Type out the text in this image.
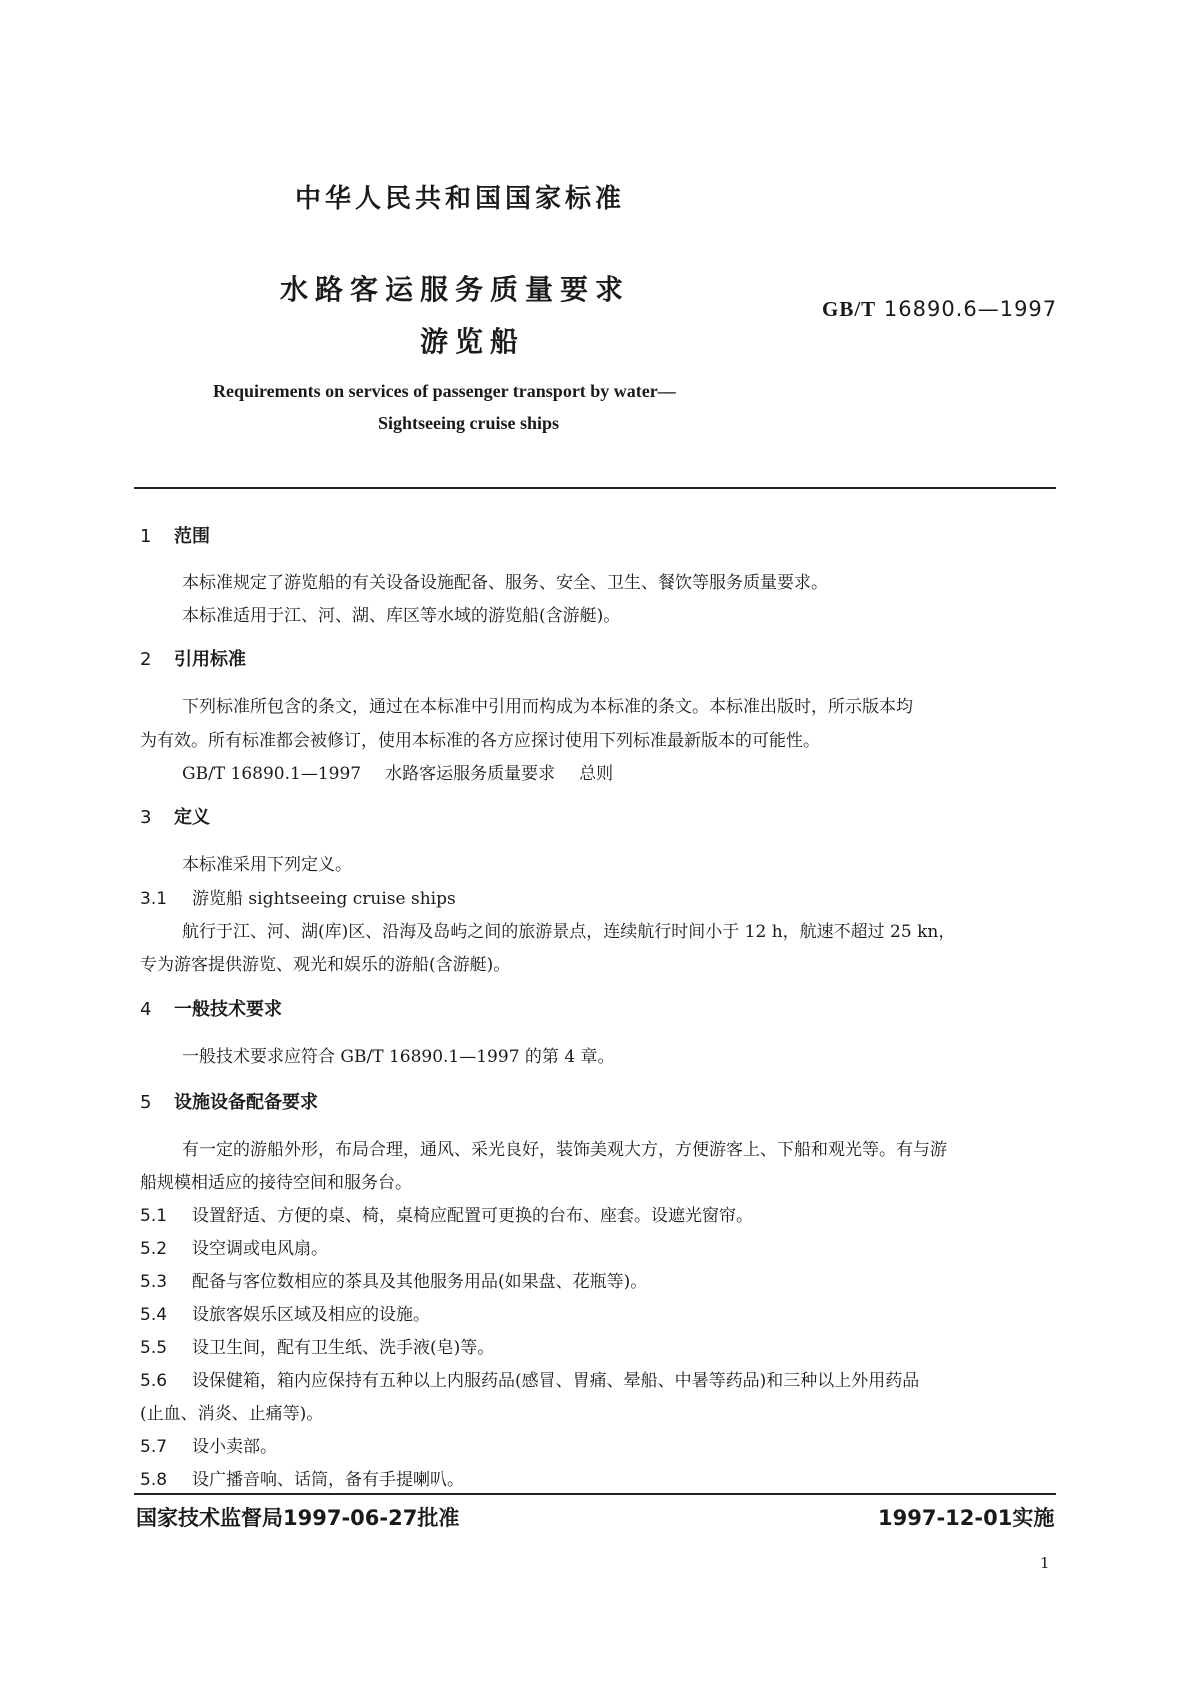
中华人民共和国国家标准
水路客运服务质量要求
游览船
GB/T 16890.6—1997
Requirements on services of passenger transport by water—
Sightseeing cruise ships
1 范围
本标准规定了游览船的有关设备设施配备、服务、安全、卫生、餐饮等服务质量要求。
本标准适用于江、河、湖、库区等水域的游览船(含游艇)。
2 引用标准
下列标准所包含的条文，通过在本标准中引用而构成为本标准的条文。本标准出版时，所示版本均
为有效。所有标准都会被修订，使用本标准的各方应探讨使用下列标准最新版本的可能性。
GB/T 16890.1—1997 水路客运服务质量要求 总则
3 定义
本标准采用下列定义。
3.1 游览船 sightseeing cruise ships
航行于江、河、湖(库)区、沿海及岛屿之间的旅游景点，连续航行时间小于 12 h，航速不超过 25 kn，
专为游客提供游览、观光和娱乐的游船(含游艇)。
4 一般技术要求
一般技术要求应符合 GB/T 16890.1—1997 的第 4 章。
5 设施设备配备要求
有一定的游船外形，布局合理，通风、采光良好，装饰美观大方，方便游客上、下船和观光等。有与游
船规模相适应的接待空间和服务台。
5.1 设置舒适、方便的桌、椅，桌椅应配置可更换的台布、座套。设遮光窗帘。
5.2 设空调或电风扇。
5.3 配备与客位数相应的茶具及其他服务用品(如果盘、花瓶等)。
5.4 设旅客娱乐区域及相应的设施。
5.5 设卫生间，配有卫生纸、洗手液(皂)等。
5.6 设保健箱，箱内应保持有五种以上内服药品(感冒、胃痛、晕船、中暑等药品)和三种以上外用药品
(止血、消炎、止痛等)。
5.7 设小卖部。
5.8 设广播音响、话筒，备有手提喇叭。
国家技术监督局1997-06-27批准	1997-12-01实施
1
